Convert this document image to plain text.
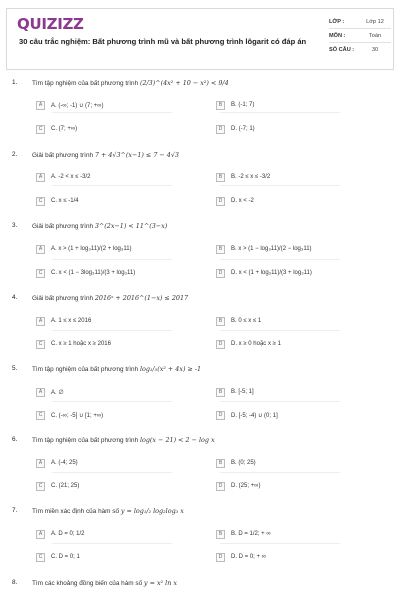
QUIZIZZ
30 câu trắc nghiệm: Bất phương trình mũ và bất phương trình lôgarit có đáp án
LỚP :	Lớp 12
MÔN :	Toán
SỐ CÂU :	30
1. Tìm tập nghiệm của bất phương trình (2/3)^(4x² + 10 − x²) < 9/4
A	A. (-∞; -1) ∪ (7; +∞)	B	B. (-1; 7)
C	C. (7; +∞)	D	D. (-7; 1)
2. Giải bất phương trình 7 + 4√3^(x−1) ≤ 7 − 4√3
A	A. -2 < x ≤ -3/2	B	B. -2 ≤ x ≤ -3/2
C	C. x ≤ -1/4	D	D. x < -2
3. Giải bất phương trình 3^(2x−1) < 11^(3−x)
A	A. x > (1 + log₃11)/(2 + log₃11)	B	B. x > (1 − log₃11)/(2 − log₃11)
C	C. x < (1 − 3log₃11)/(3 + log₃11)	D	D. x < (1 + log₃11)/(3 + log₃11)
4. Giải bất phương trình 2016ˣ + 2016^(1−x) ≤ 2017
A	A. 1 ≤ x ≤ 2016	B	B. 0 ≤ x ≤ 1
C	C. x ≥ 1 hoặc x ≥ 2016	D	D. x ≥ 0 hoặc x ≥ 1
5. Tìm tập nghiệm của bất phương trình log₁/₅(x² + 4x) ≥ -1
A	A. ∅	B	B. [-5; 1]
C	C. (-∞; -5] ∪ [1; +∞)	D	D. [-5; -4) ∪ (0; 1]
6. Tìm tập nghiệm của bất phương trình log(x − 21) < 2 − log x
A	A. (-4; 25)	B	B. (0; 25)
C	C. (21; 25)	D	D. (25; +∞)
7. Tìm miền xác định của hàm số y = log₁/₂ log₂log₃ x
A	A. D = 0; 1/2	B	B. D = 1/2; + ∞
C	C. D = 0; 1	D	D. D = 0; + ∞
8. Tìm các khoảng đồng biến của hàm số y = x² ln x
